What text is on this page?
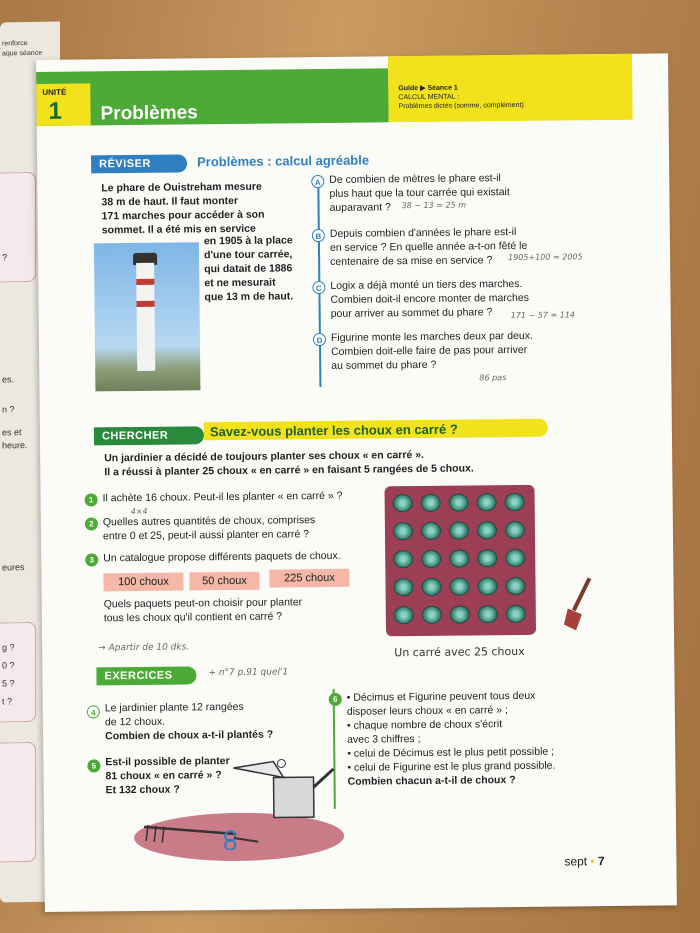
renforce
aque séance
?
es.
n ?
es et
heure.
eures
g ?
0 ?
5 ?
t ?
UNITÉ
1 Problèmes
Guide ▶ Séance 1
CALCUL MENTAL :
Problèmes dictés (somme, complément)
RÉVISER	Problèmes : calcul agréable
Le phare de Ouistreham mesure
38 m de haut. Il faut monter
171 marches pour accéder à son
sommet. Il a été mis en service
en 1905 à la place
d'une tour carrée,
qui datait de 1886
et ne mesurait
que 13 m de haut.
A De combien de mètres le phare est-il
plus haut que la tour carrée qui existait
auparavant ?	38 − 13 = 25 m
B Depuis combien d'années le phare est-il
en service ? En quelle année a-t-on fêté le
centenaire de sa mise en service ?	1905+100 = 2005
C Logix a déjà monté un tiers des marches.
Combien doit-il encore monter de marches
pour arriver au sommet du phare ?	171 − 57 = 114
D Figurine monte les marches deux par deux.
Combien doit-elle faire de pas pour arriver
au sommet du phare ?
86 pas
CHERCHER	Savez-vous planter les choux en carré ?
Un jardinier a décidé de toujours planter ses choux « en carré ».
Il a réussi à planter 25 choux « en carré » en faisant 5 rangées de 5 choux.
1 Il achète 16 choux. Peut-il les planter « en carré » ?
4×4
2 Quelles autres quantités de choux, comprises
entre 0 et 25, peut-il aussi planter en carré ?
3 Un catalogue propose différents paquets de choux.
100 choux	50 choux	225 choux
Quels paquets peut-on choisir pour planter
tous les choux qu'il contient en carré ?
→ Apartir de 10 dks.	Un carré avec 25 choux
EXERCICES	+ n°7 p.91 quel'1
4 Le jardinier plante 12 rangées
de 12 choux.
Combien de choux a-t-il plantés ?
5 Est-il possible de planter
81 choux « en carré » ?
Et 132 choux ?
6 • Décimus et Figurine peuvent tous deux
disposer leurs choux « en carré » ;
• chaque nombre de choux s'écrit
avec 3 chiffres ;
• celui de Décimus est le plus petit possible ;
• celui de Figurine est le plus grand possible.
Combien chacun a-t-il de choux ?
sept • 7
